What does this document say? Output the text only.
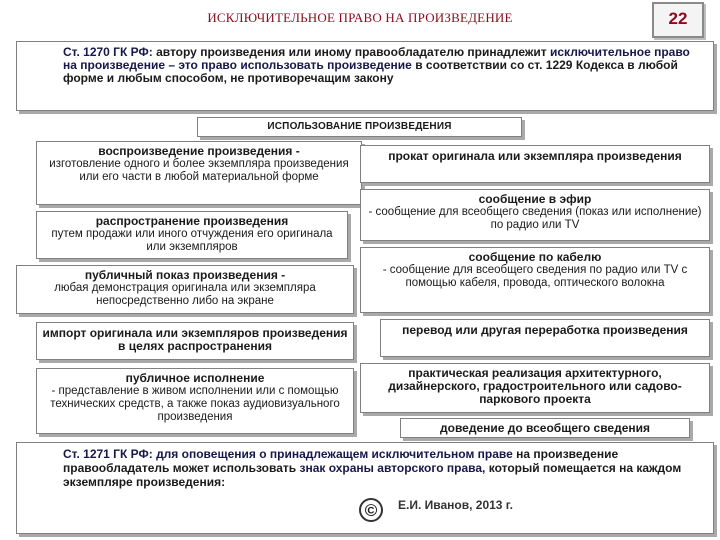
ИСКЛЮЧИТЕЛЬНОЕ ПРАВО НА ПРОИЗВЕДЕНИЕ	22
Ст. 1270 ГК РФ: автору произведения или иному правообладателю принадлежит исключительное право на произведение – это право использовать произведение в соответствии со ст. 1229 Кодекса в любой форме и любым способом, не противоречащим закону
ИСПОЛЬЗОВАНИЕ ПРОИЗВЕДЕНИЯ
воспроизведение произведения -
изготовление одного и более экземпляра произведения или его части в любой материальной форме
распространение произведения
путем продажи или иного отчуждения его оригинала или экземпляров
публичный показ произведения -
любая демонстрация оригинала или экземпляра непосредственно либо на экране
импорт оригинала или экземпляров произведения в целях распространения
публичное исполнение
- представление в живом исполнении или с помощью технических средств, а также показ аудиовизуального произведения
прокат оригинала или экземпляра произведения
сообщение в эфир
- сообщение для всеобщего сведения (показ или исполнение) по радио или TV
сообщение по кабелю
- сообщение для всеобщего сведения по радио или TV с помощью кабеля, провода, оптического волокна
перевод или другая переработка произведения
практическая реализация архитектурного, дизайнерского, градостроительного или садово-паркового проекта
доведение до всеобщего сведения
Ст. 1271 ГК РФ: для оповещения о принадлежащем исключительном праве на произведение правообладатель может использовать знак охраны авторского права, который помещается на каждом экземпляре произведения:
©	Е.И. Иванов, 2013 г.
